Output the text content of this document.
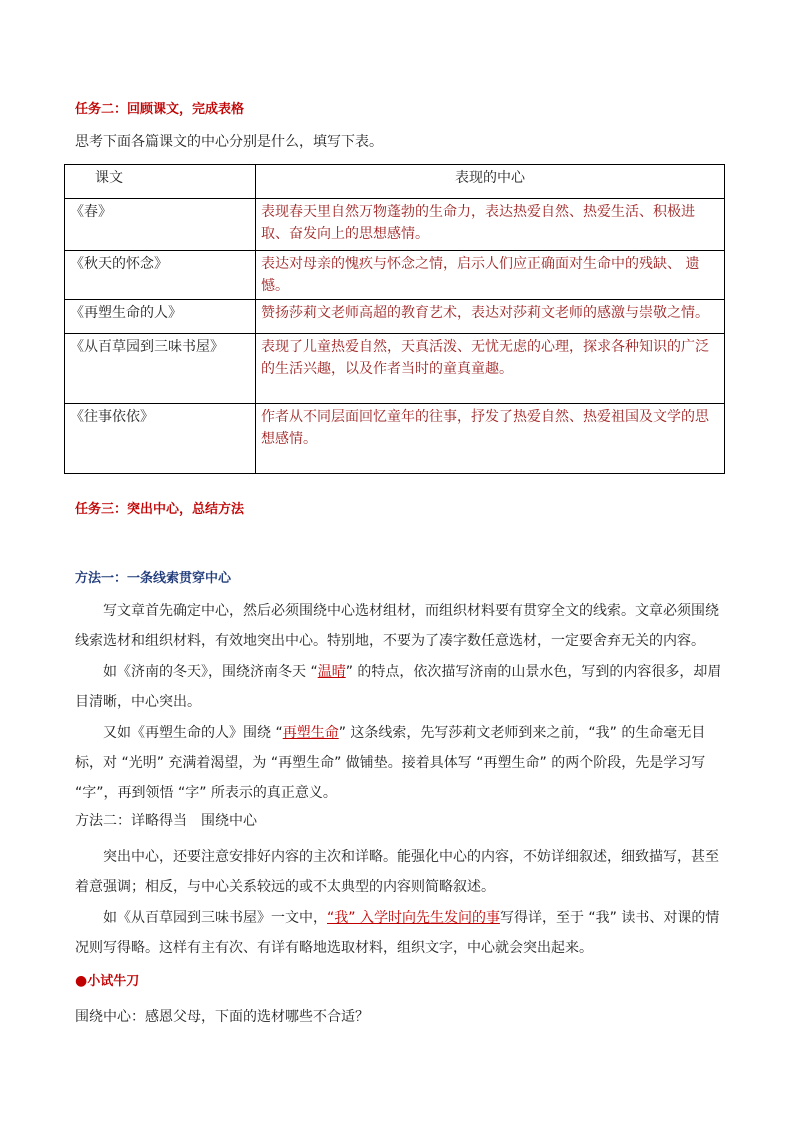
任务二：回顾课文，完成表格
思考下面各篇课文的中心分别是什么，填写下表。
课文	表现的中心
《春》	表现春天里自然万物蓬勃的生命力，表达热爱自然、热爱生活、积极进取、奋发向上的思想感情。
《秋天的怀念》	表达对母亲的愧疚与怀念之情，启示人们应正确面对生命中的残缺、 遗憾。
《再塑生命的人》	赞扬莎莉文老师高超的教育艺术，表达对莎莉文老师的感激与崇敬之情。
《从百草园到三味书屋》	表现了儿童热爱自然，天真活泼、无忧无虑的心理，探求各种知识的广泛的生活兴趣，以及作者当时的童真童趣。
《往事依依》	作者从不同层面回忆童年的往事，抒发了热爱自然、热爱祖国及文学的思想感情。
任务三：突出中心，总结方法
方法一：一条线索贯穿中心
写文章首先确定中心，然后必须围绕中心选材组材，而组织材料要有贯穿全文的线索。文章必须围绕线索选材和组织材料，有效地突出中心。特别地，不要为了凑字数任意选材，一定要舍弃无关的内容。
如《济南的冬天》，围绕济南冬天 “温晴” 的特点，依次描写济南的山景水色，写到的内容很多，却眉目清晰，中心突出。
又如《再塑生命的人》围绕 “再塑生命” 这条线索，先写莎莉文老师到来之前，“我” 的生命毫无目标，对 “光明” 充满着渴望，为 “再塑生命” 做铺垫。接着具体写 “再塑生命” 的两个阶段，先是学习写 “字”，再到领悟 “字” 所表示的真正意义。
方法二：详略得当　围绕中心
突出中心，还要注意安排好内容的主次和详略。能强化中心的内容，不妨详细叙述，细致描写，甚至着意强调；相反，与中心关系较远的或不太典型的内容则简略叙述。
如《从百草园到三味书屋》一文中，“我” 入学时向先生发问的事写得详，至于 “我” 读书、对课的情况则写得略。这样有主有次、有详有略地选取材料，组织文字，中心就会突出起来。
●小试牛刀
围绕中心：感恩父母，下面的选材哪些不合适？
